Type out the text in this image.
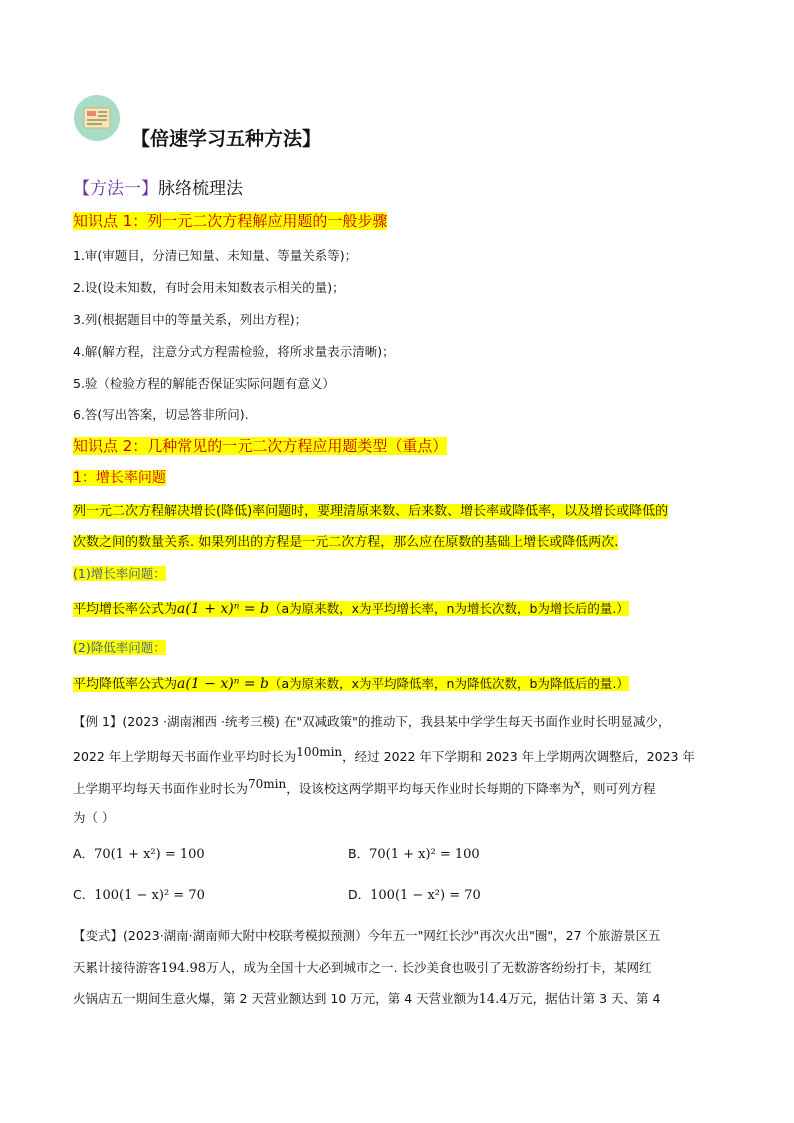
【倍速学习五种方法】
【方法一】脉络梳理法
知识点 1：列一元二次方程解应用题的一般步骤
1.审(审题目，分清已知量、未知量、等量关系等)；
2.设(设未知数，有时会用未知数表示相关的量)；
3.列(根据题目中的等量关系，列出方程)；
4.解(解方程，注意分式方程需检验，将所求量表示清晰)；
5.验（检验方程的解能否保证实际问题有意义）
6.答(写出答案，切忌答非所问).
知识点 2：几种常见的一元二次方程应用题类型（重点）
1：增长率问题
列一元二次方程解决增长(降低)率问题时，要理清原来数、后来数、增长率或降低率，以及增长或降低的
次数之间的数量关系. 如果列出的方程是一元二次方程，那么应在原数的基础上增长或降低两次.
(1)增长率问题：
平均增长率公式为a(1 + x)ⁿ = b（a为原来数，x为平均增长率，n为增长次数，b为增长后的量.）
(2)降低率问题：
平均降低率公式为a(1 − x)ⁿ = b（a为原来数，x为平均降低率，n为降低次数，b为降低后的量.）
【例 1】(2023 ·湖南湘西 ·统考三模) 在"双减政策"的推动下，我县某中学学生每天书面作业时长明显减少，
2022 年上学期每天书面作业平均时长为$^{100min}$，经过 2022 年下学期和 2023 年上学期两次调整后，2023 年
上学期平均每天书面作业时长为$^{70min}$，设该校这两学期平均每天作业时长每期的下降率为$^x$，则可列方程
为（ ）
A．70(1 + x²) = 100	B．70(1 + x)² = 100
C．100(1 − x)² = 70	D．100(1 − x²) = 70
【变式】(2023·湖南·湖南师大附中校联考模拟预测）今年五一"网红长沙"再次火出"圈"，27 个旅游景区五
天累计接待游客194.98万人，成为全国十大必到城市之一. 长沙美食也吸引了无数游客纷纷打卡，某网红
火锅店五一期间生意火爆，第 2 天营业额达到 10 万元，第 4 天营业额为14.4万元，据估计第 3 天、第 4
